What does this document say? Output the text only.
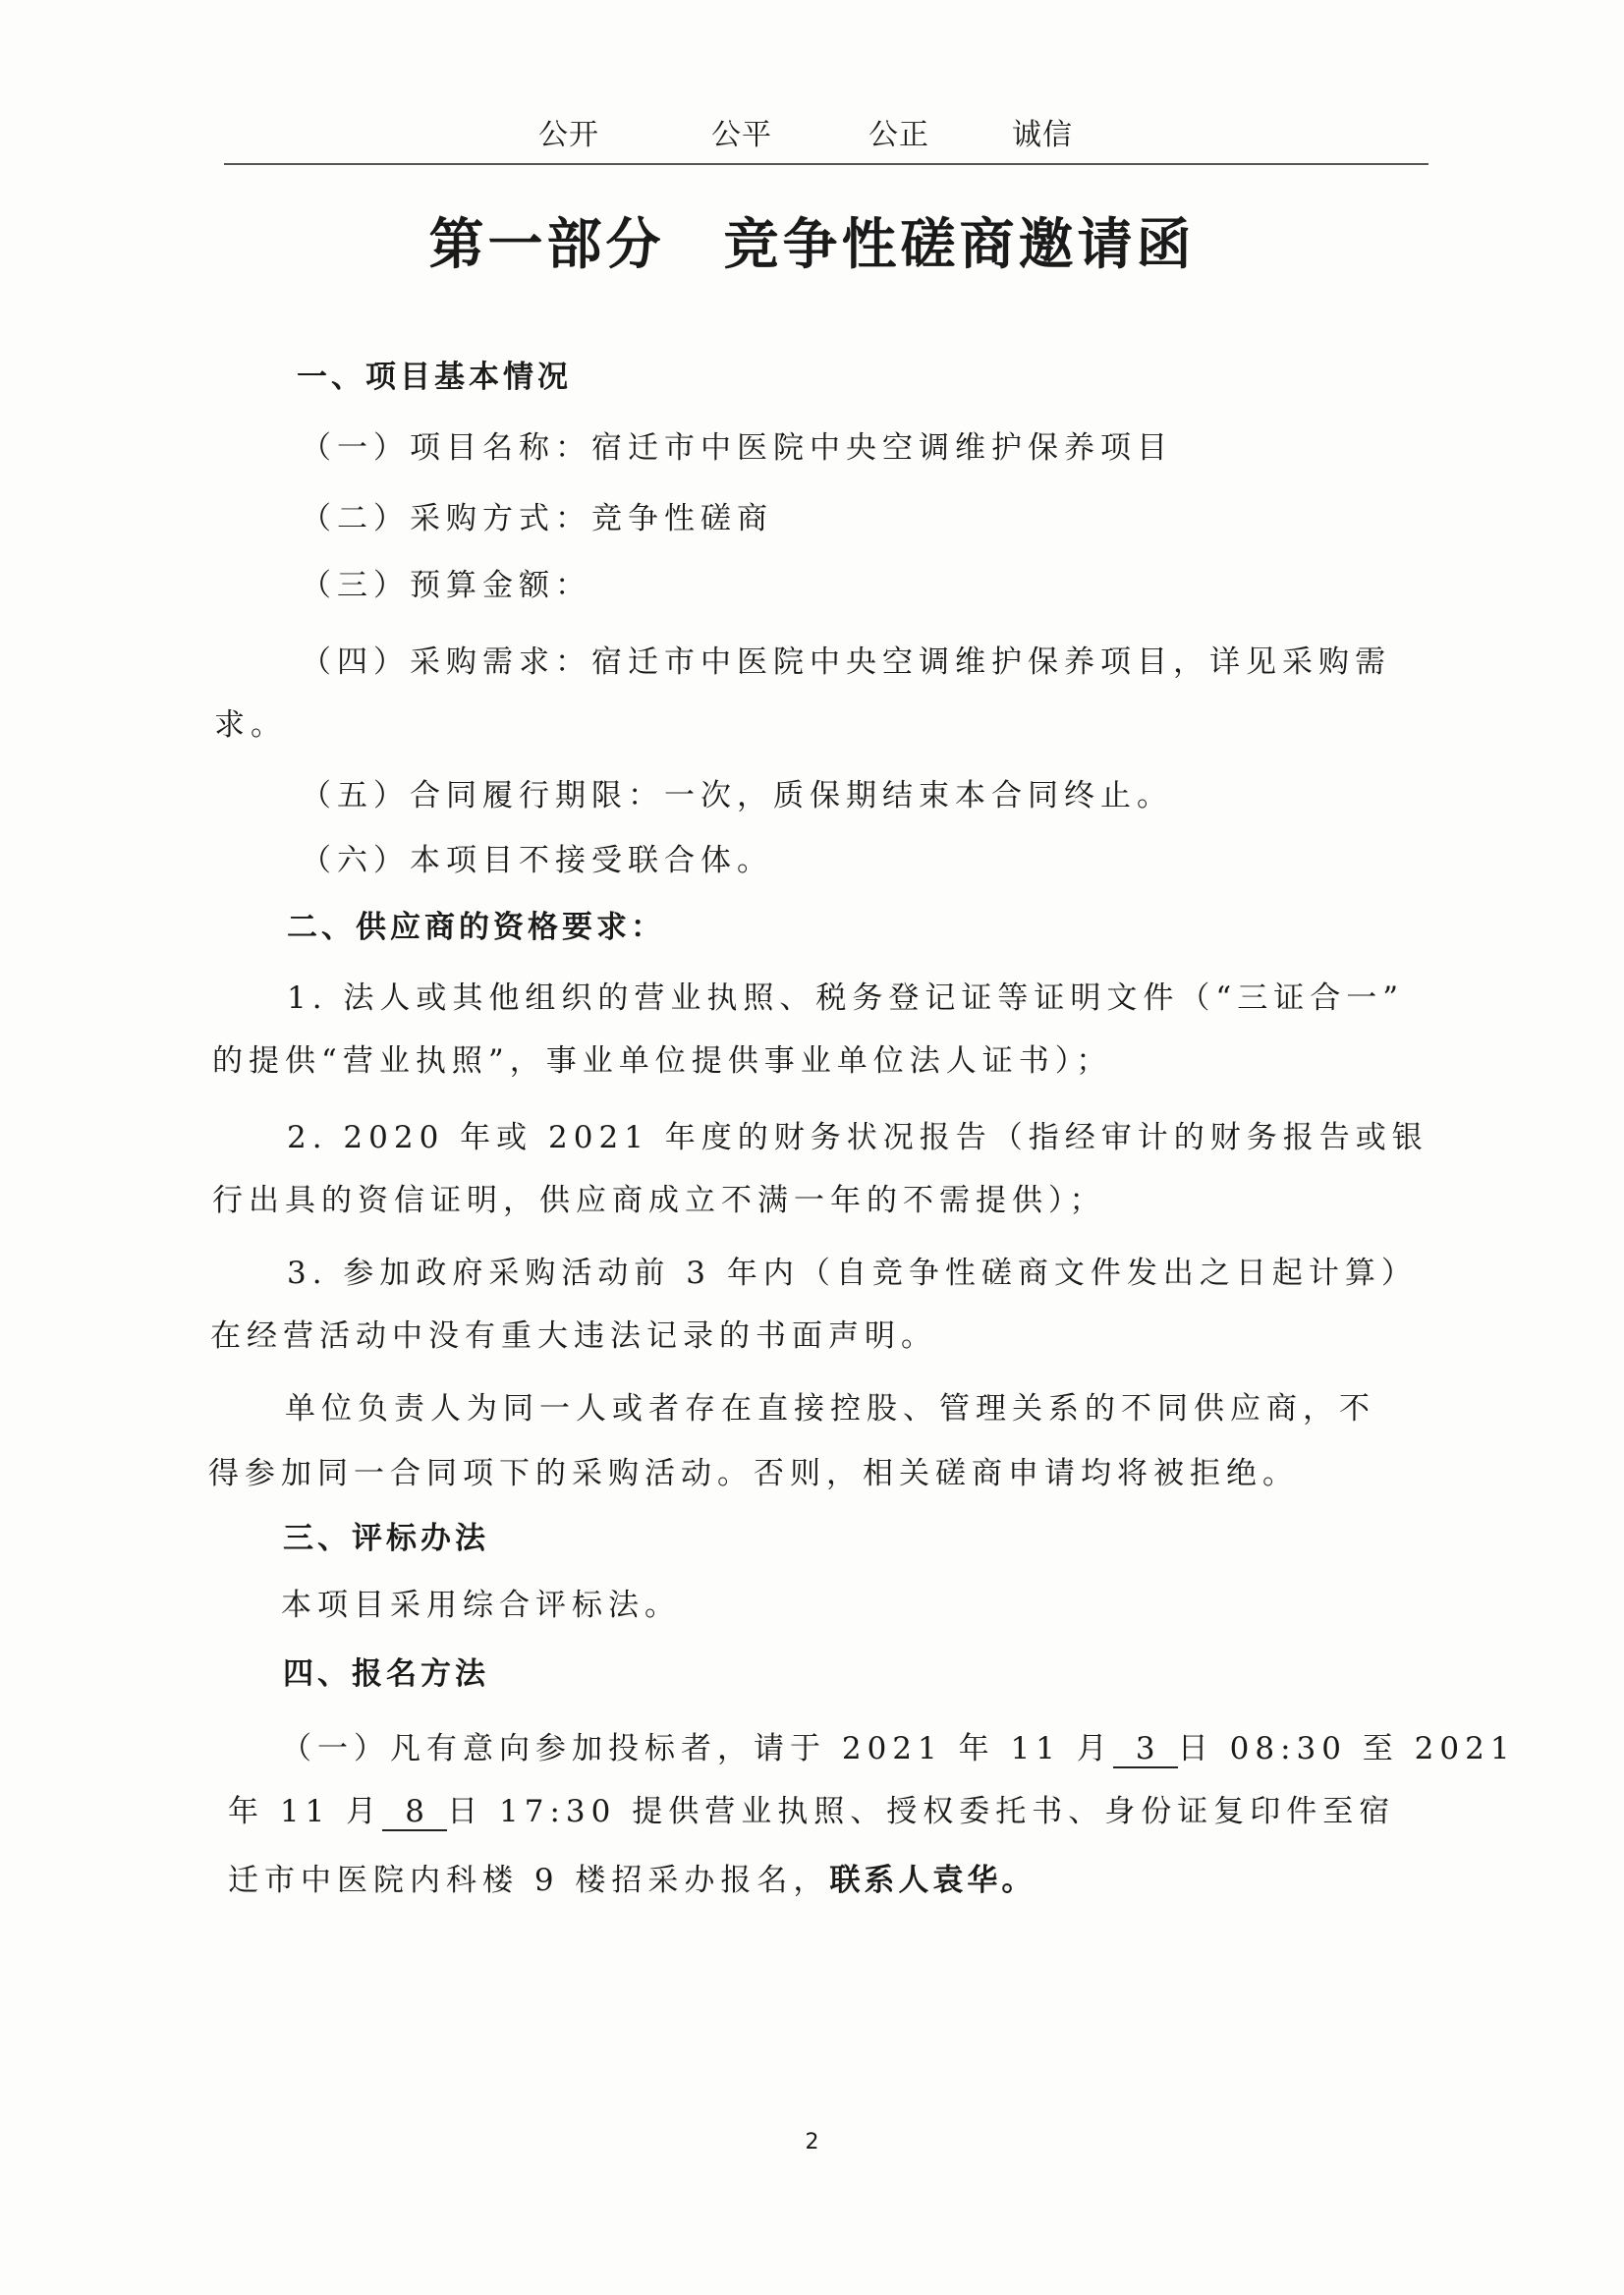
公开	公平	公正	诚信
第一部分　竞争性磋商邀请函
一、项目基本情况
（一）项目名称：宿迁市中医院中央空调维护保养项目
（二）采购方式：竞争性磋商
（三）预算金额：
（四）采购需求：宿迁市中医院中央空调维护保养项目，详见采购需
求。
（五）合同履行期限：一次，质保期结束本合同终止。
（六）本项目不接受联合体。
二、供应商的资格要求：
1. 法人或其他组织的营业执照、税务登记证等证明文件（“三证合一”
的提供“营业执照”，事业单位提供事业单位法人证书）；
2. 2020 年或 2021 年度的财务状况报告（指经审计的财务报告或银
行出具的资信证明，供应商成立不满一年的不需提供）；
3. 参加政府采购活动前 3 年内（自竞争性磋商文件发出之日起计算）
在经营活动中没有重大违法记录的书面声明。
单位负责人为同一人或者存在直接控股、管理关系的不同供应商，不
得参加同一合同项下的采购活动。否则，相关磋商申请均将被拒绝。
三、评标办法
本项目采用综合评标法。
四、报名方法
（一）凡有意向参加投标者，请于 2021 年 11 月 3 日 08:30 至 2021
年 11 月 8 日 17:30 提供营业执照、授权委托书、身份证复印件至宿
迁市中医院内科楼 9 楼招采办报名，联系人袁华。
2
